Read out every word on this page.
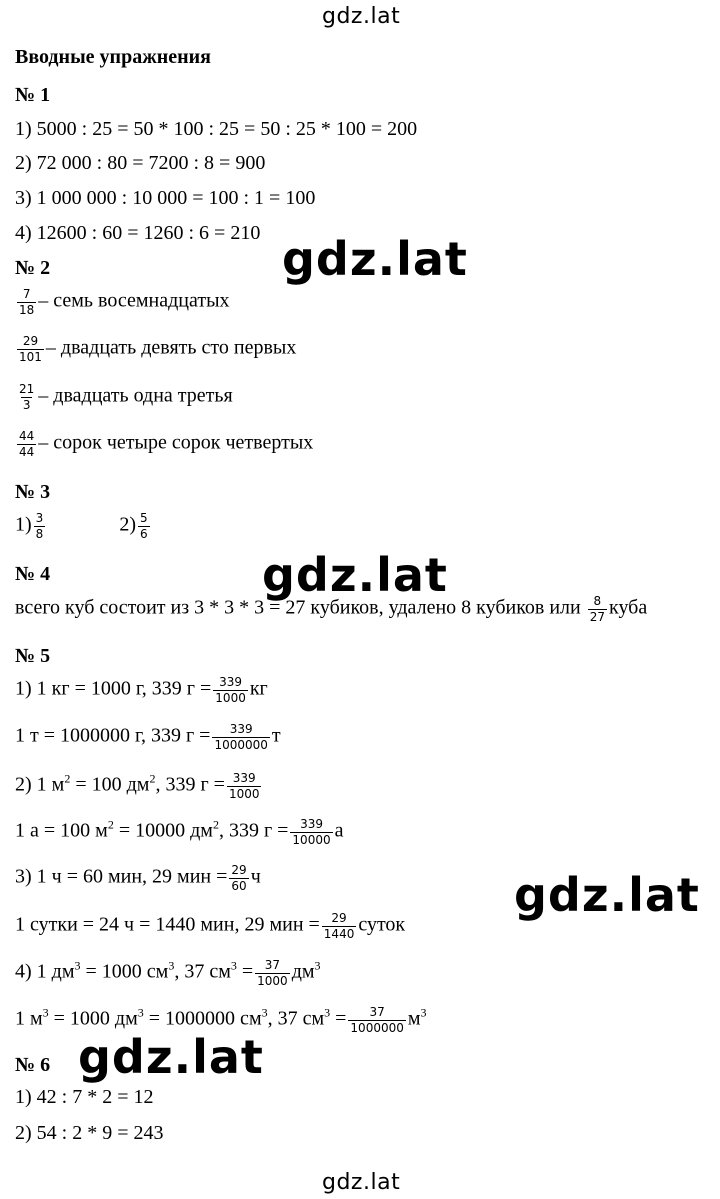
gdz.lat
gdz.lat
gdz.lat
gdz.lat
gdz.lat
gdz.lat
Вводные упражнения
№ 1
1) 5000 : 25 = 50 * 100 : 25 = 50 : 25 * 100 = 200
2) 72 000 : 80 = 7200 : 8 = 900
3) 1 000 000 : 10 000 = 100 : 1 = 100
4) 12600 : 60 = 1260 : 6 = 210
№ 2
$\frac{7}{18}$ – семь восемнадцатых
$\frac{29}{101}$ – двадцать девять сто первых
$\frac{21}{3}$ – двадцать одна третья
$\frac{44}{44}$ – сорок четыре сорок четвертых
№ 3
$1) \frac{3}{8}$	$2) \frac{5}{6}$
№ 4
всего куб состоит из 3 * 3 * 3 = 27 кубиков, удалено 8 кубиков или $\frac{8}{27}$ куба
№ 5
1) 1 кг = 1000 г, 339 $г = \frac{339}{1000}$ кг
1 т = 1000000 г, 339 $г = \frac{339}{1000000}$ т
2) 1 $м^2 = 100$ $дм^2$, 339 $г = \frac{339}{1000}$
1 а = 100 $м^2 = 10000$ $дм^2$, 339 $г = \frac{339}{10000}$ а
3) 1 ч = 60 мин, 29 мин = $\frac{29}{60}$ ч
1 сутки = 24 ч = 1440 мин, 29 мин = $\frac{29}{1440}$ суток
4) 1 $дм^3 = 1000$ $см^3$, 37 $см^3 = \frac{37}{1000} дм^3$
1 $м^3 = 1000$ $дм^3 = 1000000$ $см^3$, 37 $см^3 = \frac{37}{1000000} м^3$
№ 6
1) 42 : 7 * 2 = 12
2) 54 : 2 * 9 = 243
